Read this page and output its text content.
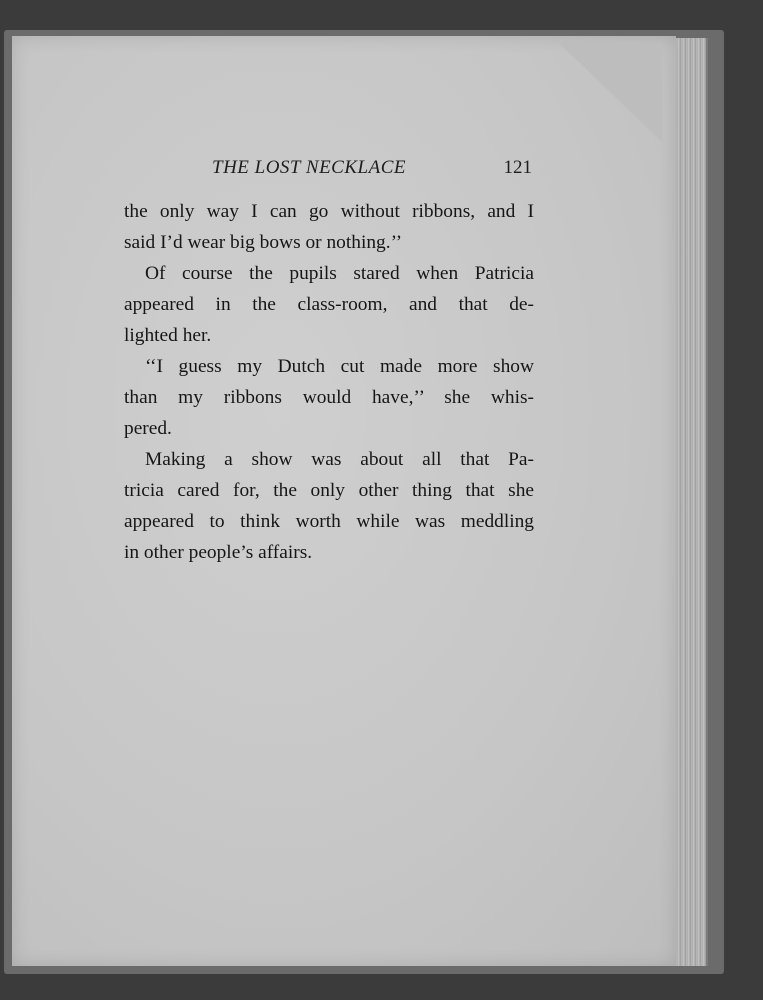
THE LOST NECKLACE	121
the only way I can go without ribbons, and I
said I’d wear big bows or nothing.’’
Of course the pupils stared when Patricia
appeared in the class-room, and that de-
lighted her.
‘‘I guess my Dutch cut made more show
than my ribbons would have,’’ she whis-
pered.
Making a show was about all that Pa-
tricia cared for, the only other thing that she
appeared to think worth while was meddling
in other people’s affairs.
